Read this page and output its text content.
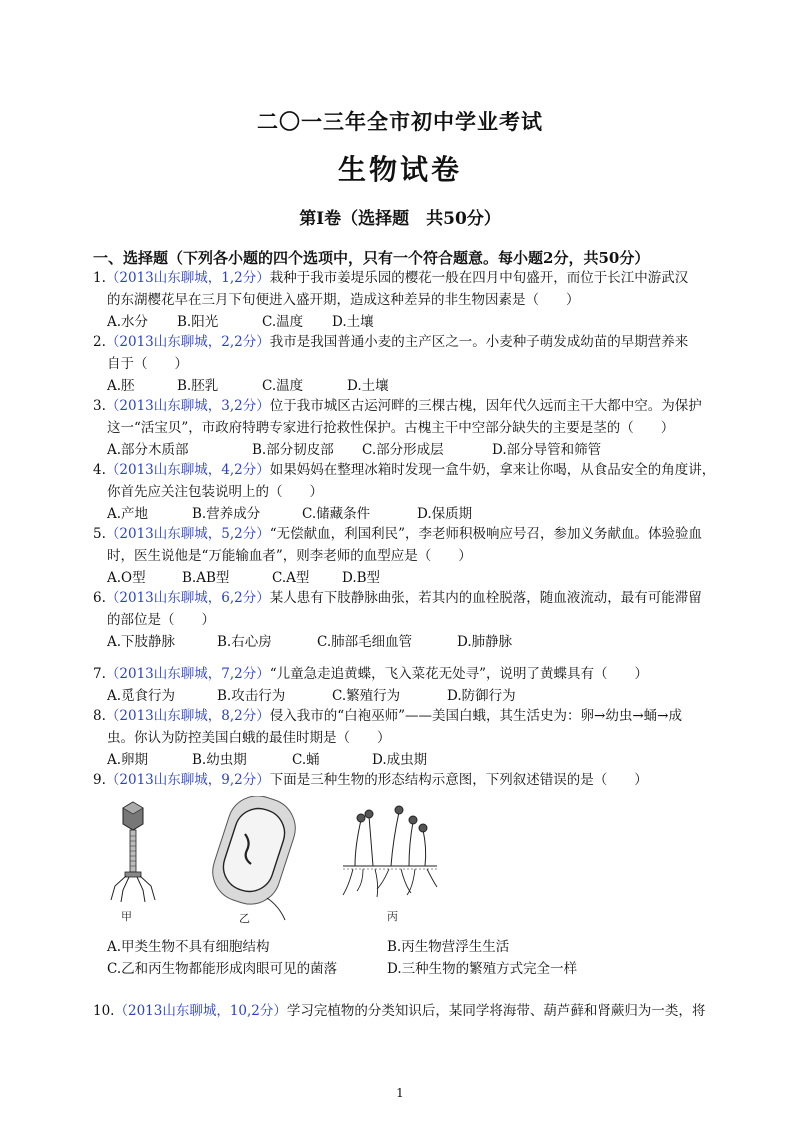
二〇一三年全市初中学业考试
生物试卷
第Ⅰ卷（选择题　共50分）
一、选择题（下列各小题的四个选项中，只有一个符合题意。每小题2分，共50分）
1.（2013山东聊城，1,2分）栽种于我市姜堤乐园的樱花一般在四月中旬盛开，而位于长江中游武汉
的东湖樱花早在三月下旬便进入盛开期，造成这种差异的非生物因素是（　　）
A.水分	B.阳光	C.温度	D.土壤
2.（2013山东聊城，2,2分）我市是我国普通小麦的主产区之一。小麦种子萌发成幼苗的早期营养来
自于（　　）
A.胚	B.胚乳	C.温度	D.土壤
3.（2013山东聊城，3,2分）位于我市城区古运河畔的三棵古槐，因年代久远而主干大都中空。为保护
这一“活宝贝”，市政府特聘专家进行抢救性保护。古槐主干中空部分缺失的主要是茎的（　　）
A.部分木质部	B.部分韧皮部	C.部分形成层	D.部分导管和筛管
4.（2013山东聊城，4,2分）如果妈妈在整理冰箱时发现一盒牛奶，拿来让你喝，从食品安全的角度讲，
你首先应关注包装说明上的（　　）
A.产地	B.营养成分	C.储藏条件	D.保质期
5.（2013山东聊城，5,2分）“无偿献血，利国利民”，李老师积极响应号召，参加义务献血。体验验血
时，医生说他是“万能输血者”，则李老师的血型应是（　　）
A.O型	B.AB型	C.A型	D.B型
6.（2013山东聊城，6,2分）某人患有下肢静脉曲张，若其内的血栓脱落，随血液流动，最有可能滞留
的部位是（　　）
A.下肢静脉	B.右心房	C.肺部毛细血管	D.肺静脉
7.（2013山东聊城，7,2分）“儿童急走追黄蝶，飞入菜花无处寻”，说明了黄蝶具有（　　）
A.觅食行为	B.攻击行为	C.繁殖行为	D.防御行为
8.（2013山东聊城，8,2分）侵入我市的“白袍巫师”——美国白蛾，其生活史为：卵→幼虫→蛹→成
虫。你认为防控美国白蛾的最佳时期是（　　）
A.卵期	B.幼虫期	C.蛹	D.成虫期
9.（2013山东聊城，9,2分）下面是三种生物的形态结构示意图，下列叙述错误的是（　　）
甲	乙	丙
A.甲类生物不具有细胞结构	B.丙生物营浮生生活
C.乙和丙生物都能形成肉眼可见的菌落	D.三种生物的繁殖方式完全一样
10.（2013山东聊城，10,2分）学习完植物的分类知识后，某同学将海带、葫芦藓和肾蕨归为一类，将
1
